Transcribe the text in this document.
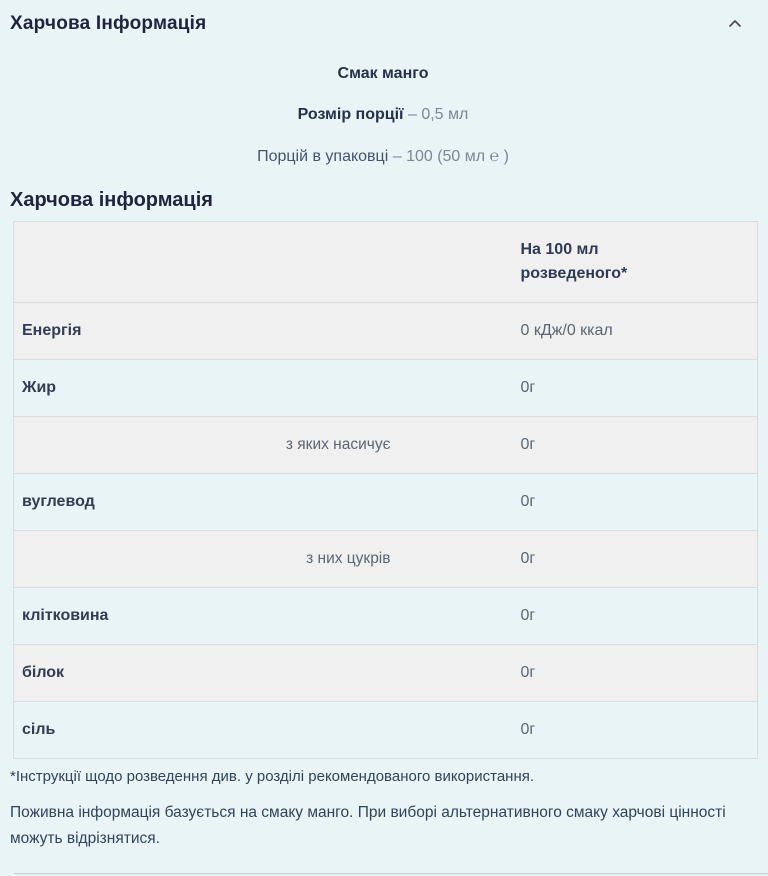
Харчова Інформація

Смак манго

Розмір порції – 0,5 мл

Порцій в упаковці – 100 (50 мл ℮ )

Харчова інформація
	На 100 мл розведеного*
Енергія	0 кДж/0 ккал
Жир	0г
з яких насичує	0г
вуглевод	0г
з них цукрів	0г
клітковина	0г
білок	0г
сіль	0г

*Інструкції щодо розведення див. у розділі рекомендованого використання.

Поживна інформація базується на смаку манго. При виборі альтернативного смаку харчові цінності можуть відрізнятися.
